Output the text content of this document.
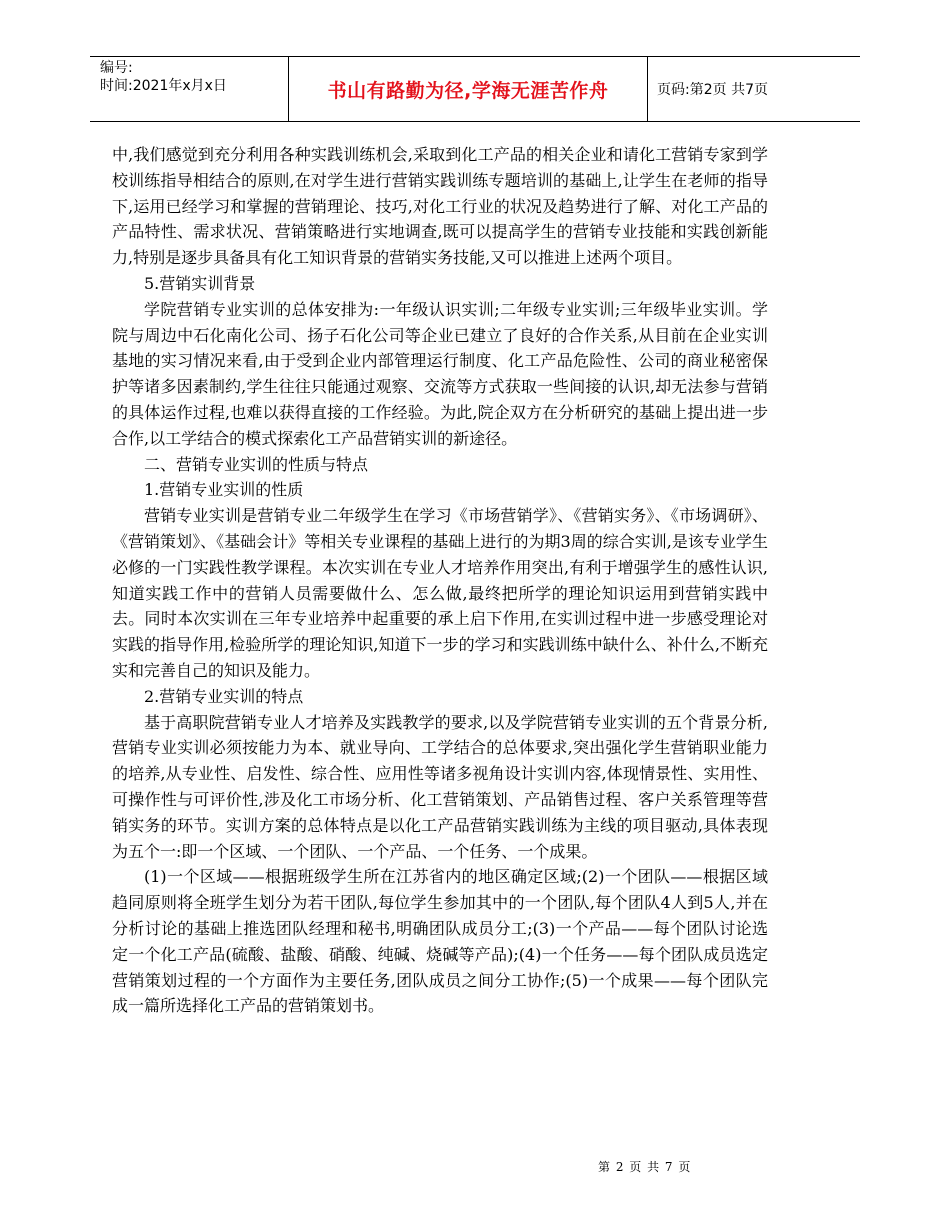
编号:
时间:2021年x月x日	书山有路勤为径,学海无涯苦作舟	页码:第2页 共7页

中,我们感觉到充分利用各种实践训练机会,采取到化工产品的相关企业和请化工营销专家到学校训练指导相结合的原则,在对学生进行营销实践训练专题培训的基础上,让学生在老师的指导下,运用已经学习和掌握的营销理论、技巧,对化工行业的状况及趋势进行了解、对化工产品的产品特性、需求状况、营销策略进行实地调查,既可以提高学生的营销专业技能和实践创新能力,特别是逐步具备具有化工知识背景的营销实务技能,又可以推进上述两个项目。

5.营销实训背景

学院营销专业实训的总体安排为:一年级认识实训;二年级专业实训;三年级毕业实训。学院与周边中石化南化公司、扬子石化公司等企业已建立了良好的合作关系,从目前在企业实训基地的实习情况来看,由于受到企业内部管理运行制度、化工产品危险性、公司的商业秘密保护等诸多因素制约,学生往往只能通过观察、交流等方式获取一些间接的认识,却无法参与营销的具体运作过程,也难以获得直接的工作经验。为此,院企双方在分析研究的基础上提出进一步合作,以工学结合的模式探索化工产品营销实训的新途径。

二、营销专业实训的性质与特点

1.营销专业实训的性质

营销专业实训是营销专业二年级学生在学习《市场营销学》、《营销实务》、《市场调研》、《营销策划》、《基础会计》等相关专业课程的基础上进行的为期3周的综合实训,是该专业学生必修的一门实践性教学课程。本次实训在专业人才培养作用突出,有利于增强学生的感性认识,知道实践工作中的营销人员需要做什么、怎么做,最终把所学的理论知识运用到营销实践中去。同时本次实训在三年专业培养中起重要的承上启下作用,在实训过程中进一步感受理论对实践的指导作用,检验所学的理论知识,知道下一步的学习和实践训练中缺什么、补什么,不断充实和完善自己的知识及能力。

2.营销专业实训的特点

基于高职院营销专业人才培养及实践教学的要求,以及学院营销专业实训的五个背景分析,营销专业实训必须按能力为本、就业导向、工学结合的总体要求,突出强化学生营销职业能力的培养,从专业性、启发性、综合性、应用性等诸多视角设计实训内容,体现情景性、实用性、可操作性与可评价性,涉及化工市场分析、化工营销策划、产品销售过程、客户关系管理等营销实务的环节。实训方案的总体特点是以化工产品营销实践训练为主线的项目驱动,具体表现为五个一:即一个区域、一个团队、一个产品、一个任务、一个成果。

(1)一个区域——根据班级学生所在江苏省内的地区确定区域;(2)一个团队——根据区域趋同原则将全班学生划分为若干团队,每位学生参加其中的一个团队,每个团队4人到5人,并在分析讨论的基础上推选团队经理和秘书,明确团队成员分工;(3)一个产品——每个团队讨论选定一个化工产品(硫酸、盐酸、硝酸、纯碱、烧碱等产品);(4)一个任务——每个团队成员选定营销策划过程的一个方面作为主要任务,团队成员之间分工协作;(5)一个成果——每个团队完成一篇所选择化工产品的营销策划书。

第 2 页 共 7 页
